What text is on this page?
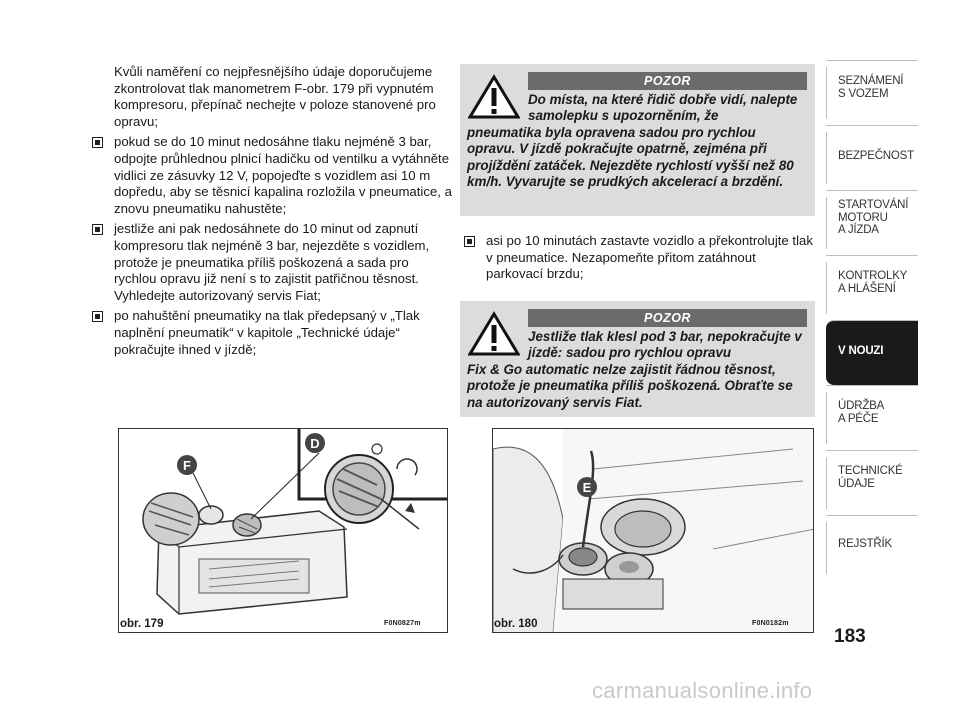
Kvůli naměření co nejpřesnějšího údaje doporučujeme zkontrolovat tlak manometrem F-obr. 179 při vypnutém kompresoru, přepínač nechejte v poloze stanovené pro opravu;

pokud se do 10 minut nedosáhne tlaku nejméně 3 bar, odpojte průhlednou plnicí hadičku od ventilku a vytáhněte vidlici ze zásuvky 12 V, popojeďte s vozidlem asi 10 m dopředu, aby se těsnicí kapalina rozložila v pneumatice, a znovu pneumatiku nahustěte;
jestliže ani pak nedosáhnete do 10 minut od zapnutí kompresoru tlak nejméně 3 bar, nejezděte s vozidlem, protože je pneumatika příliš poškozená a sada pro rychlou opravu již není s to zajistit patřičnou těsnost. Vyhledejte autorizovaný servis Fiat;
po nahuštění pneumatiky na tlak předepsaný v „Tlak naplnění pneumatik“ v kapitole „Technické údaje“ pokračujte ihned v jízdě;
POZOR
Do místa, na které řidič dobře vidí, nalepte samolepku s upozorněním, že
pneumatika byla opravena sadou pro rychlou opravu. V jízdě pokračujte opatrně, zejména při projíždění zatáček. Nejezděte rychlostí vyšší než 80 km/h. Vyvarujte se prudkých akcelerací a brzdění.
asi po 10 minutách zastavte vozidlo a překontrolujte tlak v pneumatice. Nezapomeňte přitom zatáhnout parkovací brzdu;
POZOR
Jestliže tlak klesl pod 3 bar, nepokračujte v jízdě: sadou pro rychlou opravu
Fix & Go automatic nelze zajistit řádnou těsnost, protože je pneumatika příliš poškozená. Obraťte se na autorizovaný servis Fiat.
F
D
obr. 179	F0N0827m
E
obr. 180	F0N0182m
SEZNÁMENÍ
S VOZEM
BEZPEČNOST
STARTOVÁNÍ
MOTORU
A JÍZDA
KONTROLKY
A HLÁŠENÍ
V NOUZI
ÚDRŽBA
A PÉČE
TECHNICKÉ
ÚDAJE
REJSTŘÍK
183
carmanualsonline.info
